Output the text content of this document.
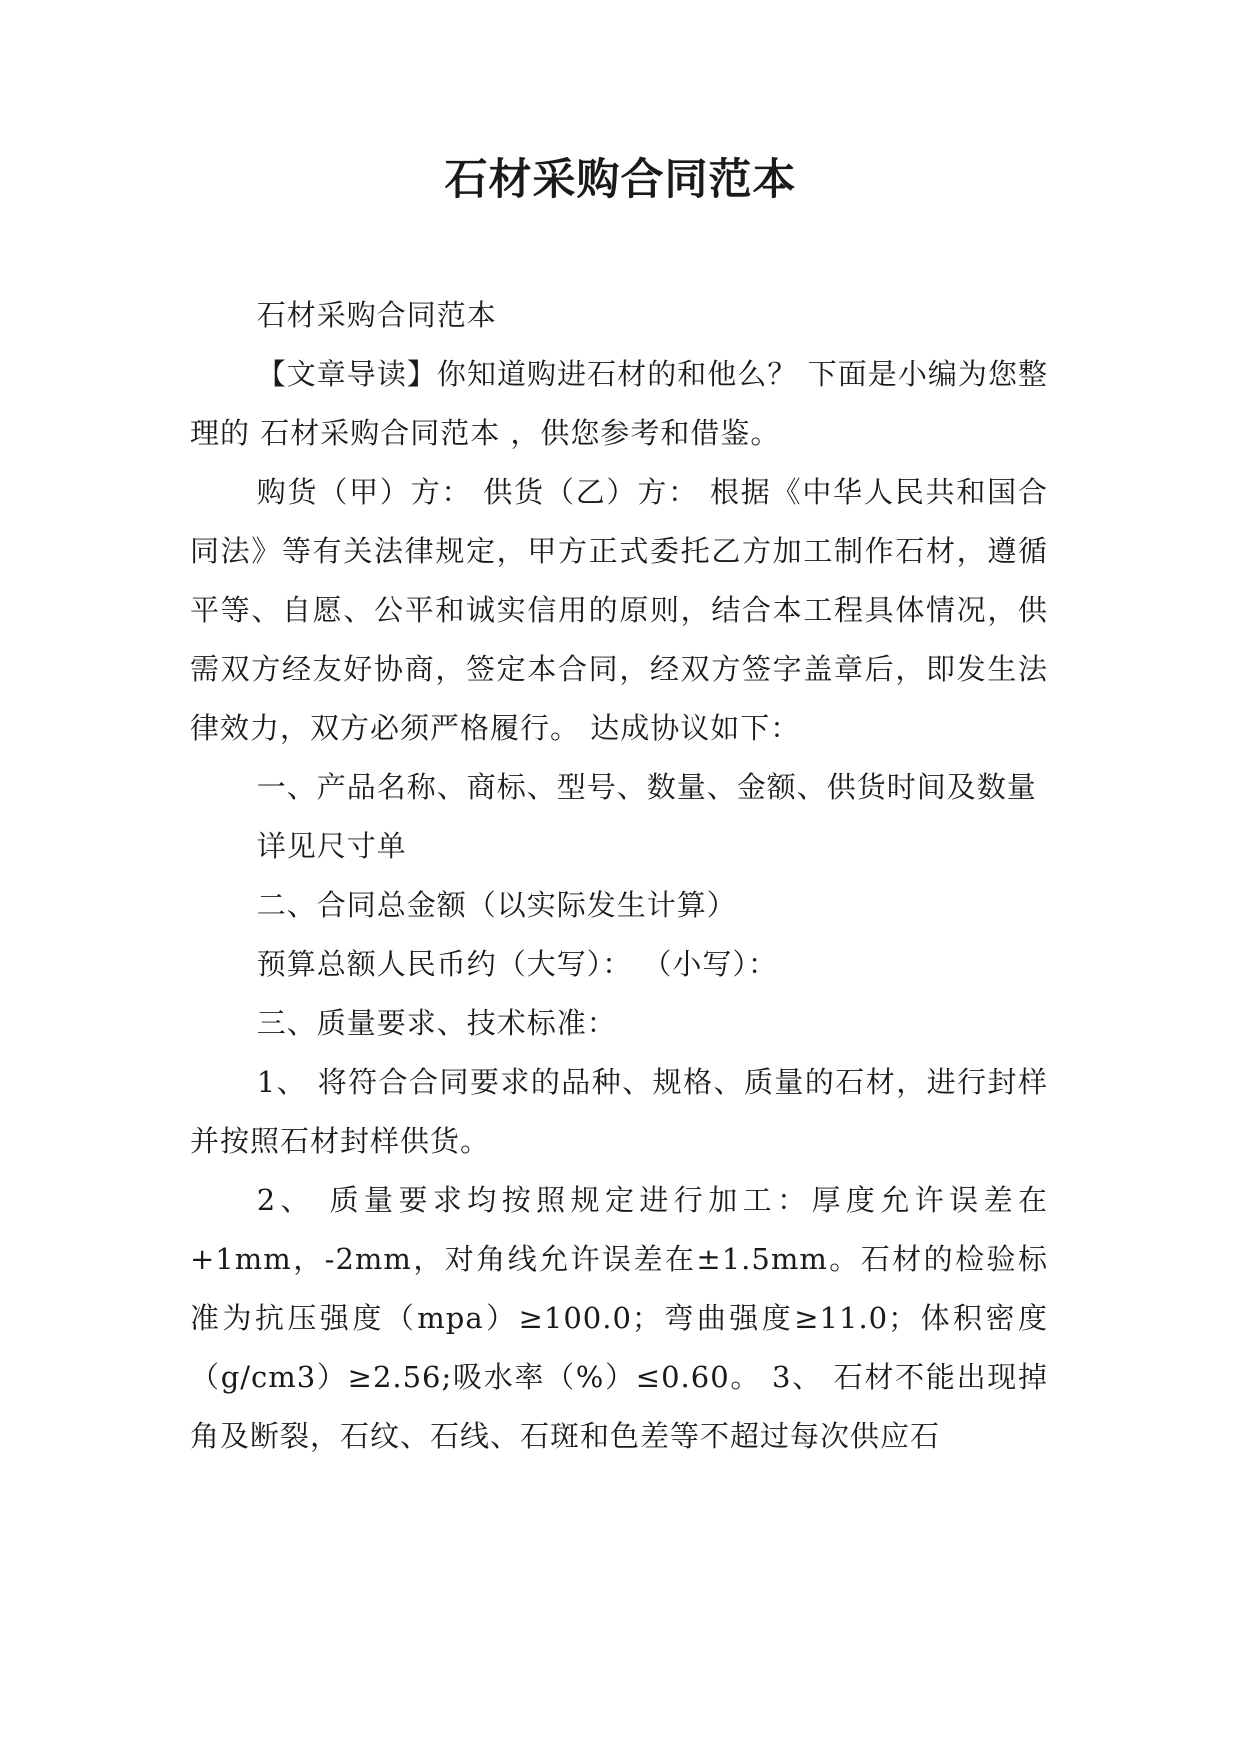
石材采购合同范本

石材采购合同范本

【文章导读】你知道购进石材的和他么？ 下面是小编为您整理的 石材采购合同范本 ，供您参考和借鉴。

购货（甲）方： 供货（乙）方： 根据《中华人民共和国合同法》等有关法律规定，甲方正式委托乙方加工制作石材，遵循平等、自愿、公平和诚实信用的原则，结合本工程具体情况，供需双方经友好协商，签定本合同，经双方签字盖章后，即发生法律效力，双方必须严格履行。 达成协议如下：

一、产品名称、商标、型号、数量、金额、供货时间及数量

详见尺寸单

二、合同总金额（以实际发生计算）

预算总额人民币约（大写）： （小写）：

三、质量要求、技术标准：

1、 将符合合同要求的品种、规格、质量的石材，进行封样并按照石材封样供货。

2、 质量要求均按照规定进行加工：厚度允许误差在+1mm，-2mm，对角线允许误差在±1.5mm。石材的检验标准为抗压强度（mpa）≥100.0；弯曲强度≥11.0；体积密度（g/cm3）≥2.56;吸水率（%）≤0.60。 3、 石材不能出现掉角及断裂，石纹、石线、石斑和色差等不超过每次供应石
